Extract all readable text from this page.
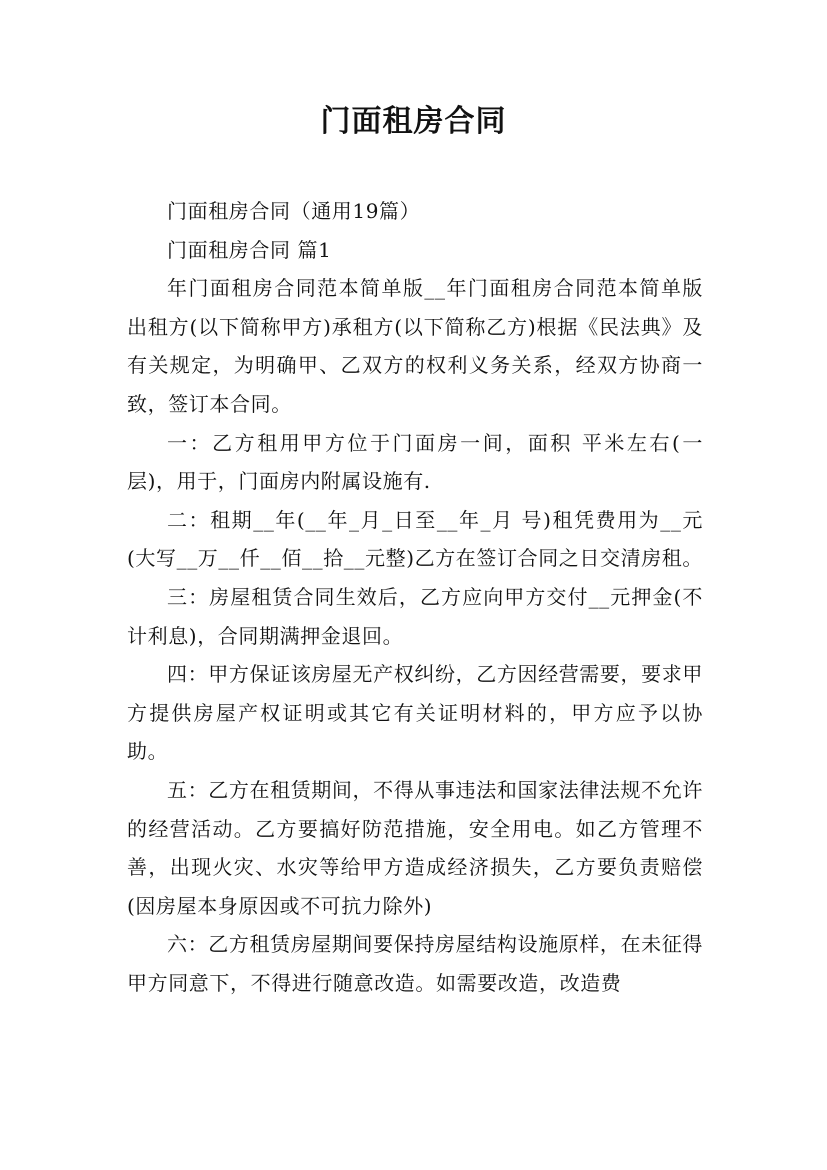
门面租房合同

门面租房合同（通用19篇）

门面租房合同 篇1

年门面租房合同范本简单版__年门面租房合同范本简单版出租方(以下简称甲方)承租方(以下简称乙方)根据《民法典》及有关规定，为明确甲、乙双方的权利义务关系，经双方协商一致，签订本合同。

一：乙方租用甲方位于门面房一间，面积 平米左右(一层)，用于，门面房内附属设施有.

二：租期__年(__年_月_日至__年_月 号)租凭费用为__元(大写__万__仟__佰__拾__元整)乙方在签订合同之日交清房租。

三：房屋租赁合同生效后，乙方应向甲方交付__元押金(不计利息)，合同期满押金退回。

四：甲方保证该房屋无产权纠纷，乙方因经营需要，要求甲方提供房屋产权证明或其它有关证明材料的，甲方应予以协助。

五：乙方在租赁期间，不得从事违法和国家法律法规不允许的经营活动。乙方要搞好防范措施，安全用电。如乙方管理不善，出现火灾、水灾等给甲方造成经济损失，乙方要负责赔偿(因房屋本身原因或不可抗力除外)

六：乙方租赁房屋期间要保持房屋结构设施原样，在未征得甲方同意下，不得进行随意改造。如需要改造，改造费
